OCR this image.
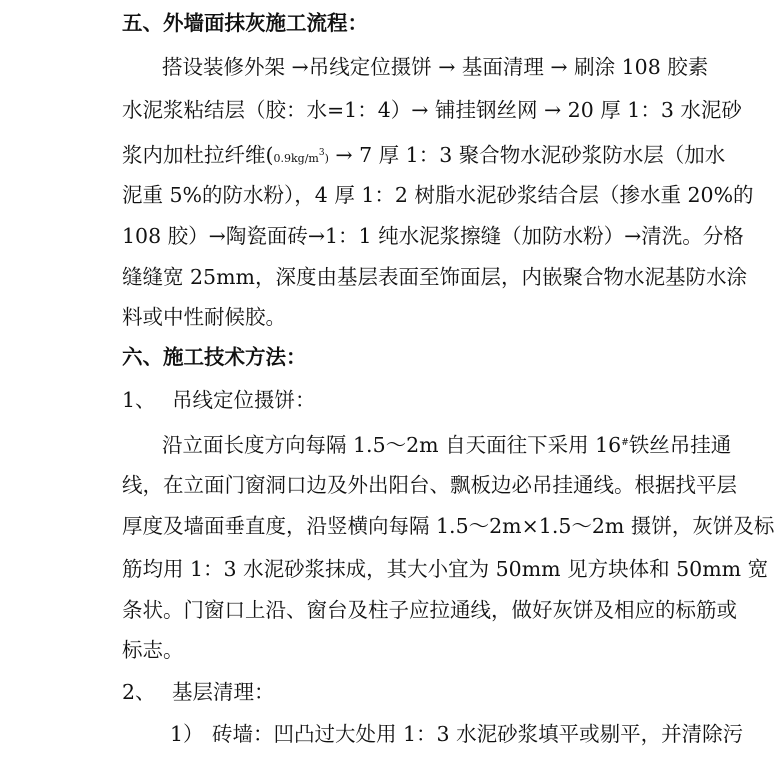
五、外墙面抹灰施工流程：
搭设装修外架 →吊线定位摄饼 → 基面清理 → 刷涂 108 胶素
水泥浆粘结层（胶：水=1：4）→ 铺挂钢丝网 → 20 厚 1：3 水泥砂
浆内加杜拉纤维$(0.9kg/m^3) \to 7$ 厚 1：3 聚合物水泥砂浆防水层（加水
泥重 5%的防水粉），4 厚 1：2 树脂水泥砂浆结合层（掺水重 20%的
108 胶）→陶瓷面砖→1：1 纯水泥浆擦缝（加防水粉）→清洗。分格
缝缝宽 25mm，深度由基层表面至饰面层，内嵌聚合物水泥基防水涂
料或中性耐候胶。
六、施工技术方法：
1、 吊线定位摄饼：
沿立面长度方向每隔 1.5～2m 自天面往下采用 16#铁丝吊挂通
线，在立面门窗洞口边及外出阳台、飘板边必吊挂通线。根据找平层
厚度及墙面垂直度，沿竖横向每隔 1.5～2m×1.5～2m 摄饼，灰饼及标
筋均用 1：3 水泥砂浆抹成，其大小宜为 50mm 见方块体和 50mm 宽
条状。门窗口上沿、窗台及柱子应拉通线，做好灰饼及相应的标筋或
标志。
2、 基层清理：
1） 砖墙：凹凸过大处用 1：3 水泥砂浆填平或剔平，并清除污
